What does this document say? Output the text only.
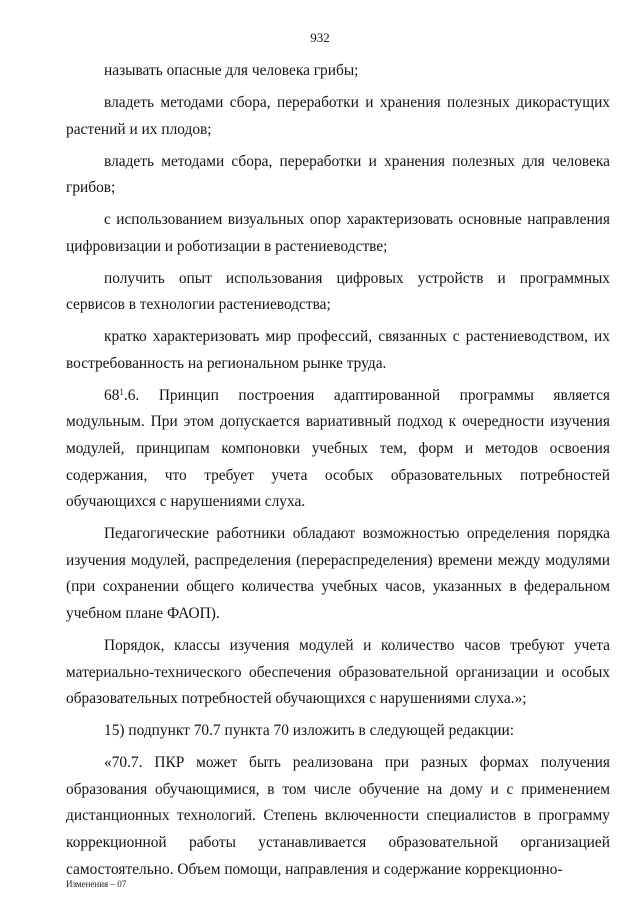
932

называть опасные для человека грибы;

владеть методами сбора, переработки и хранения полезных дикорастущих растений и их плодов;

владеть методами сбора, переработки и хранения полезных для человека грибов;

с использованием визуальных опор характеризовать основные направления цифровизации и роботизации в растениеводстве;

получить опыт использования цифровых устройств и программных сервисов в технологии растениеводства;

кратко характеризовать мир профессий, связанных с растениеводством, их востребованность на региональном рынке труда.

$68^1.6$. Принцип построения адаптированной программы является модульным. При этом допускается вариативный подход к очередности изучения модулей, принципам компоновки учебных тем, форм и методов освоения содержания, что требует учета особых образовательных потребностей обучающихся с нарушениями слуха.

Педагогические работники обладают возможностью определения порядка изучения модулей, распределения (перераспределения) времени между модулями (при сохранении общего количества учебных часов, указанных в федеральном учебном плане ФАОП).

Порядок, классы изучения модулей и количество часов требуют учета материально-технического обеспечения образовательной организации и особых образовательных потребностей обучающихся с нарушениями слуха.»;

15) подпункт 70.7 пункта 70 изложить в следующей редакции:

«70.7. ПКР может быть реализована при разных формах получения образования обучающимися, в том числе обучение на дому и с применением дистанционных технологий. Степень включенности специалистов в программу коррекционной работы устанавливается образовательной организацией самостоятельно. Объем помощи, направления и содержание коррекционно-

Изменения – 07
